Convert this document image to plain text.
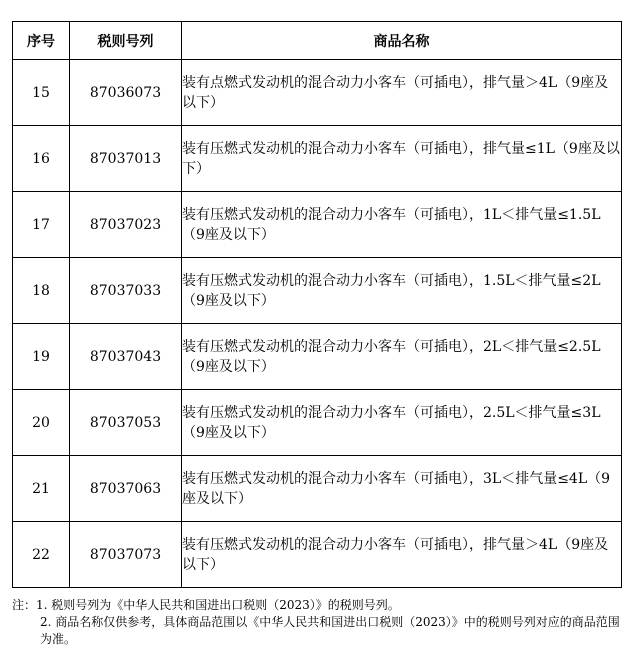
序号	税则号列	商品名称
15	87036073	装有点燃式发动机的混合动力小客车（可插电），排气量＞4L（9座及以下）
16	87037013	装有压燃式发动机的混合动力小客车（可插电），排气量≤1L（9座及以下）
17	87037023	装有压燃式发动机的混合动力小客车（可插电），1L＜排气量≤1.5L（9座及以下）
18	87037033	装有压燃式发动机的混合动力小客车（可插电），1.5L＜排气量≤2L（9座及以下）
19	87037043	装有压燃式发动机的混合动力小客车（可插电），2L＜排气量≤2.5L（9座及以下）
20	87037053	装有压燃式发动机的混合动力小客车（可插电），2.5L＜排气量≤3L（9座及以下）
21	87037063	装有压燃式发动机的混合动力小客车（可插电），3L＜排气量≤4L（9座及以下）
22	87037073	装有压燃式发动机的混合动力小客车（可插电），排气量＞4L（9座及以下）
注：1. 税则号列为《中华人民共和国进出口税则（2023）》的税则号列。
2. 商品名称仅供参考，具体商品范围以《中华人民共和国进出口税则（2023）》中的税则号列对应的商品范围为准。
